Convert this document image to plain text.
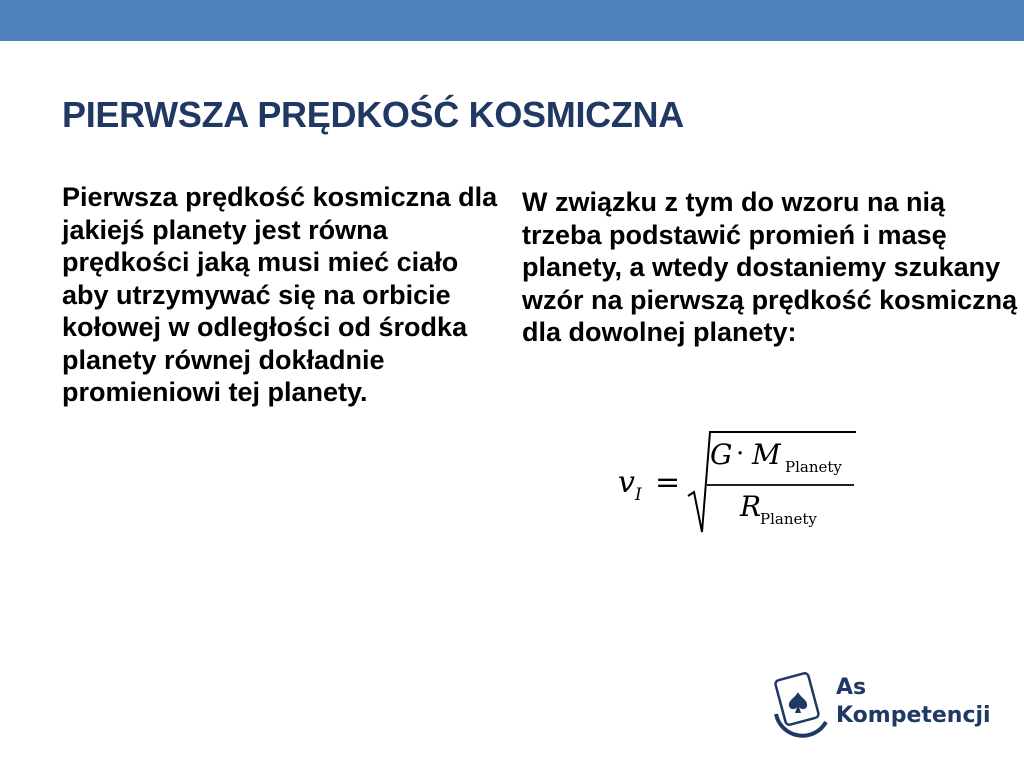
PIERWSZA PRĘDKOŚĆ KOSMICZNA

Pierwsza prędkość kosmiczna dla jakiejś planety jest równa prędkości jaką musi mieć ciało aby utrzymywać się na orbicie kołowej w odległości od środka planety równej dokładnie promieniowi tej planety.

W związku z tym do wzoru na nią trzeba podstawić promień i masę planety, a wtedy dostaniemy szukany wzór na pierwszą prędkość kosmiczną dla dowolnej planety:

v I =
G · M Planety
R
Planety
As
Kompetencji
